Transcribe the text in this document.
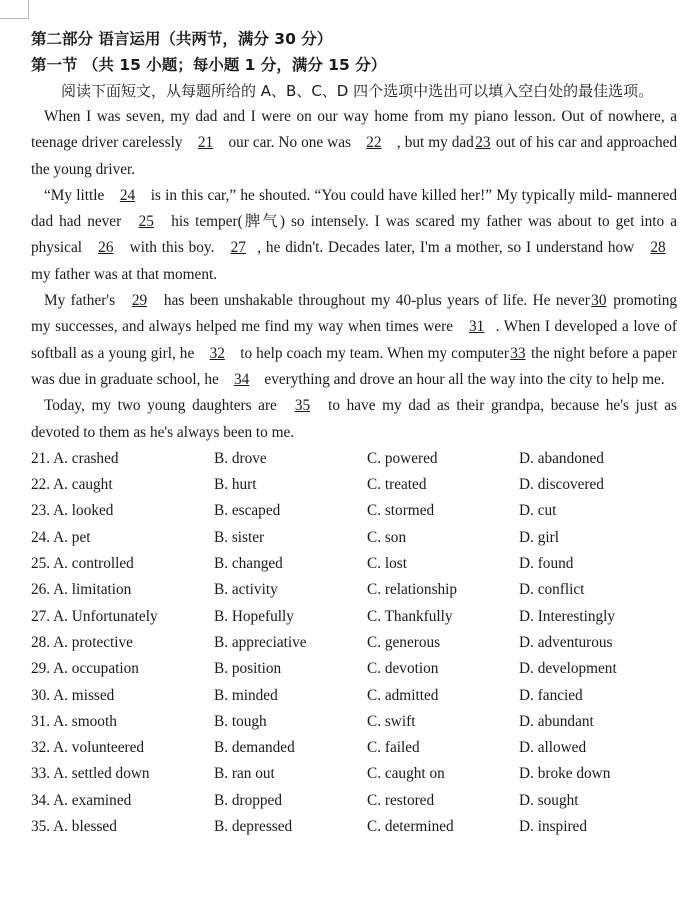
第二部分 语言运用（共两节，满分 30 分）
第一节 （共 15 小题；每小题 1 分，满分 15 分）
阅读下面短文，从每题所给的 A、B、C、D 四个选项中选出可以填入空白处的最佳选项。

When I was seven, my dad and I were on our way home from my piano lesson. Out of nowhere, a teenage driver carelessly 21 our car. No one was 22 , but my dad23 out of his car and approached the young driver.

“My little 24 is in this car,” he shouted. “You could have killed her!” My typically mild- mannered dad had never 25 his temper(脾气) so intensely. I was scared my father was about to get into a physical 26 with this boy. 27 , he didn't. Decades later, I'm a mother, so I understand how 28 my father was at that moment.

My father's 29 has been unshakable throughout my 40-plus years of life. He never30 promoting my successes, and always helped me find my way when times were 31 . When I developed a love of softball as a young girl, he 32 to help coach my team. When my computer33 the night before a paper was due in graduate school, he 34 everything and drove an hour all the way into the city to help me.

Today, my two young daughters are 35 to have my dad as their grandpa, because he's just as devoted to them as he's always been to me.

21. A. crashed	B. drove	C. powered	D. abandoned
22. A. caught	B. hurt	C. treated	D. discovered
23. A. looked	B. escaped	C. stormed	D. cut
24. A. pet	B. sister	C. son	D. girl
25. A. controlled	B. changed	C. lost	D. found
26. A. limitation	B. activity	C. relationship	D. conflict
27. A. Unfortunately	B. Hopefully	C. Thankfully	D. Interestingly
28. A. protective	B. appreciative	C. generous	D. adventurous
29. A. occupation	B. position	C. devotion	D. development
30. A. missed	B. minded	C. admitted	D. fancied
31. A. smooth	B. tough	C. swift	D. abundant
32. A. volunteered	B. demanded	C. failed	D. allowed
33. A. settled down	B. ran out	C. caught on	D. broke down
34. A. examined	B. dropped	C. restored	D. sought
35. A. blessed	B. depressed	C. determined	D. inspired
